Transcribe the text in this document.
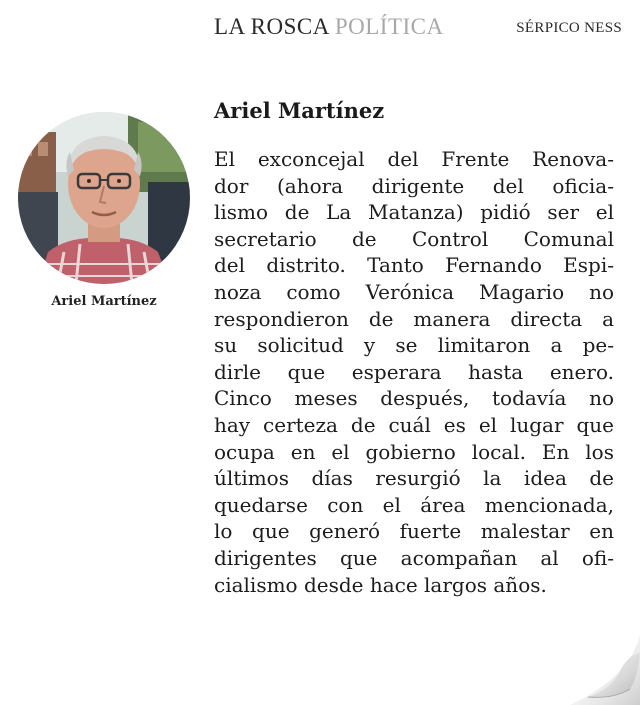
LA ROSCA POLÍTICA	SÉRPICO NESS
Ariel Martínez
Ariel Martínez
El exconcejal del Frente Renova-
dor (ahora dirigente del oficia-
lismo de La Matanza) pidió ser el
secretario de Control Comunal
del distrito. Tanto Fernando Espi-
noza como Verónica Magario no
respondieron de manera directa a
su solicitud y se limitaron a pe-
dirle que esperara hasta enero.
Cinco meses después, todavía no
hay certeza de cuál es el lugar que
ocupa en el gobierno local. En los
últimos días resurgió la idea de
quedarse con el área mencionada,
lo que generó fuerte malestar en
dirigentes que acompañan al ofi-
cialismo desde hace largos años.
